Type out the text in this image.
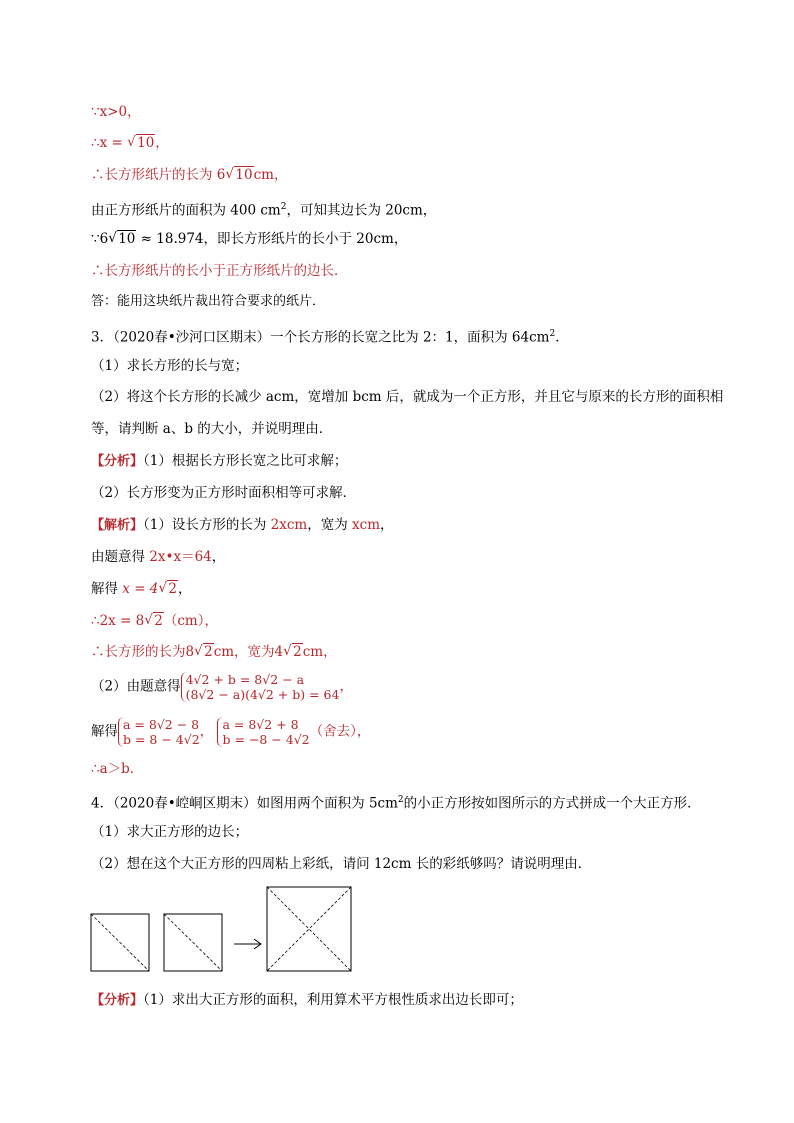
∵x>0，
∴x = √ 10，
∴长方形纸片的长为 6 √ 10cm，
由正方形纸片的面积为 400 $cm^2$，可知其边长为 20cm，
∵6 √ 10 ≈ 18.974，即长方形纸片的长小于 20cm，
∴长方形纸片的长小于正方形纸片的边长．
答：能用这块纸片裁出符合要求的纸片．
3．（2020春•沙河口区期末）一个长方形的长宽之比为 2：1，面积为 $64cm^2$．
（1）求长方形的长与宽；
（2）将这个长方形的长减少 acm，宽增加 bcm 后，就成为一个正方形，并且它与原来的长方形的面积相
等，请判断 a、b 的大小，并说明理由．
【分析】（1）根据长方形长宽之比可求解；
（2）长方形变为正方形时面积相等可求解．
【解析】（1）设长方形的长为 2xcm，宽为 xcm，
由题意得 2x•x＝64，
解得 x = 4 √ 2，
∴2x = 8 √ 2（cm），
∴长方形的长为8 √ 2cm，宽为4 √ 2cm，
（2）由题意得 4√2 + b = 8√2 − a
(8√2 − a)(4√2 + b) = 64 ，
解得 a = 8√2 − 8
b = 8 − 4√2 ， a = 8√2 + 8
b = −8 − 4√2 （舍去），
∴a＞b．
4．（2020春•崆峒区期末）如图用两个面积为 $5cm^2$的小正方形按如图所示的方式拼成一个大正方形．
（1）求大正方形的边长；
（2）想在这个大正方形的四周粘上彩纸，请问 12cm 长的彩纸够吗？请说明理由．
【分析】（1）求出大正方形的面积，利用算术平方根性质求出边长即可；
